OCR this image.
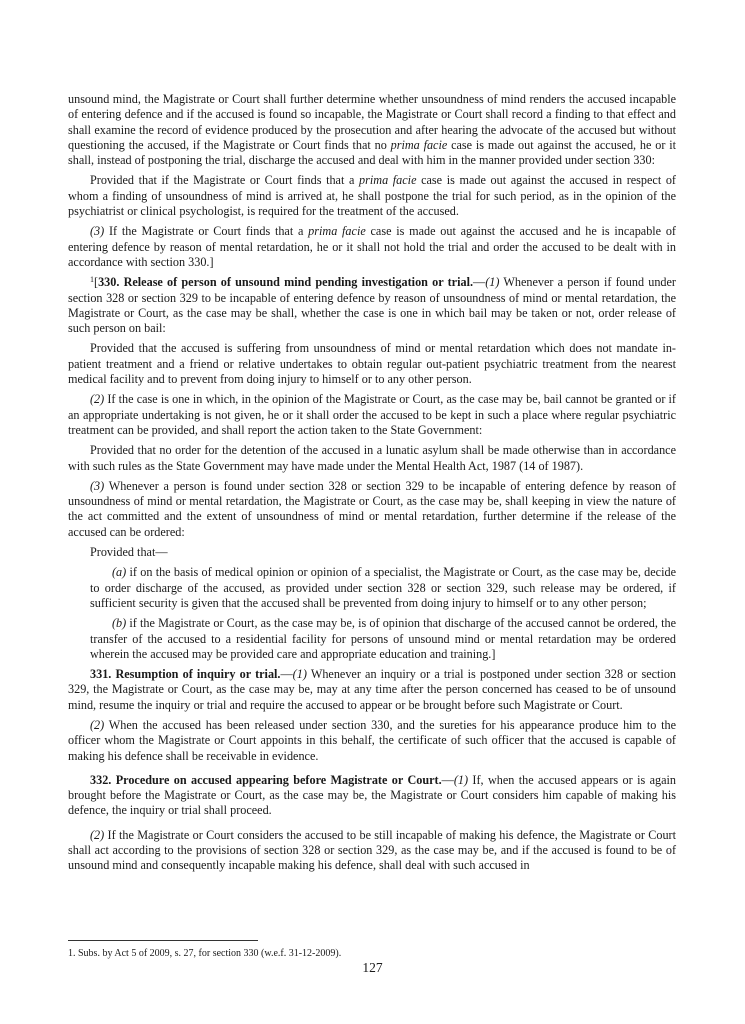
unsound mind, the Magistrate or Court shall further determine whether unsoundness of mind renders the accused incapable of entering defence and if the accused is found so incapable, the Magistrate or Court shall record a finding to that effect and shall examine the record of evidence produced by the prosecution and after hearing the advocate of the accused but without questioning the accused, if the Magistrate or Court finds that no prima facie case is made out against the accused, he or it shall, instead of postponing the trial, discharge the accused and deal with him in the manner provided under section 330:

Provided that if the Magistrate or Court finds that a prima facie case is made out against the accused in respect of whom a finding of unsoundness of mind is arrived at, he shall postpone the trial for such period, as in the opinion of the psychiatrist or clinical psychologist, is required for the treatment of the accused.

(3) If the Magistrate or Court finds that a prima facie case is made out against the accused and he is incapable of entering defence by reason of mental retardation, he or it shall not hold the trial and order the accused to be dealt with in accordance with section 330.]

$^1$[330. Release of person of unsound mind pending investigation or trial.—(1) Whenever a person if found under section 328 or section 329 to be incapable of entering defence by reason of unsoundness of mind or mental retardation, the Magistrate or Court, as the case may be shall, whether the case is one in which bail may be taken or not, order release of such person on bail:

Provided that the accused is suffering from unsoundness of mind or mental retardation which does not mandate in-patient treatment and a friend or relative undertakes to obtain regular out-patient psychiatric treatment from the nearest medical facility and to prevent from doing injury to himself or to any other person.

(2) If the case is one in which, in the opinion of the Magistrate or Court, as the case may be, bail cannot be granted or if an appropriate undertaking is not given, he or it shall order the accused to be kept in such a place where regular psychiatric treatment can be provided, and shall report the action taken to the State Government:

Provided that no order for the detention of the accused in a lunatic asylum shall be made otherwise than in accordance with such rules as the State Government may have made under the Mental Health Act, 1987 (14 of 1987).

(3) Whenever a person is found under section 328 or section 329 to be incapable of entering defence by reason of unsoundness of mind or mental retardation, the Magistrate or Court, as the case may be, shall keeping in view the nature of the act committed and the extent of unsoundness of mind or mental retardation, further determine if the release of the accused can be ordered:

Provided that—

(a) if on the basis of medical opinion or opinion of a specialist, the Magistrate or Court, as the case may be, decide to order discharge of the accused, as provided under section 328 or section 329, such release may be ordered, if sufficient security is given that the accused shall be prevented from doing injury to himself or to any other person;

(b) if the Magistrate or Court, as the case may be, is of opinion that discharge of the accused cannot be ordered, the transfer of the accused to a residential facility for persons of unsound mind or mental retardation may be ordered wherein the accused may be provided care and appropriate education and training.]

331. Resumption of inquiry or trial.—(1) Whenever an inquiry or a trial is postponed under section 328 or section 329, the Magistrate or Court, as the case may be, may at any time after the person concerned has ceased to be of unsound mind, resume the inquiry or trial and require the accused to appear or be brought before such Magistrate or Court.

(2) When the accused has been released under section 330, and the sureties for his appearance produce him to the officer whom the Magistrate or Court appoints in this behalf, the certificate of such officer that the accused is capable of making his defence shall be receivable in evidence.

332. Procedure on accused appearing before Magistrate or Court.—(1) If, when the accused appears or is again brought before the Magistrate or Court, as the case may be, the Magistrate or Court considers him capable of making his defence, the inquiry or trial shall proceed.

(2) If the Magistrate or Court considers the accused to be still incapable of making his defence, the Magistrate or Court shall act according to the provisions of section 328 or section 329, as the case may be, and if the accused is found to be of unsound mind and consequently incapable making his defence, shall deal with such accused in

1. Subs. by Act 5 of 2009, s. 27, for section 330 (w.e.f. 31-12-2009).
127
